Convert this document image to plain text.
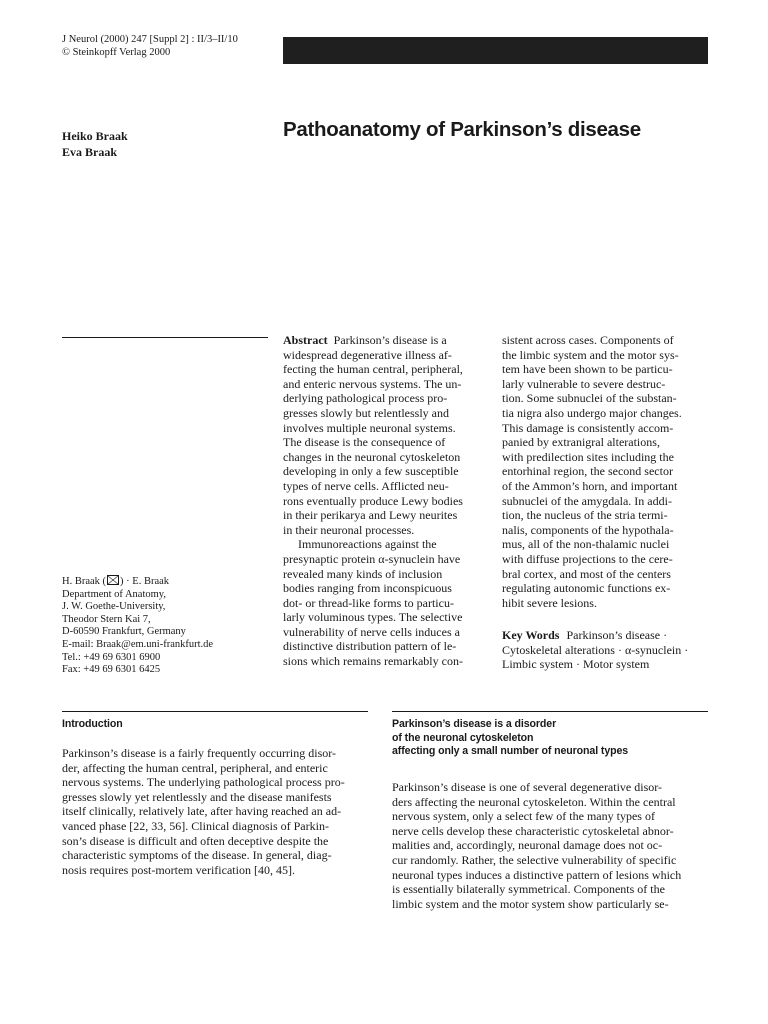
J Neurol (2000) 247 [Suppl 2] : II/3–II/10
© Steinkopff Verlag 2000
Heiko Braak
Eva Braak
Pathoanatomy of Parkinson’s disease
H. Braak ( ) · E. Braak
Department of Anatomy,
J. W. Goethe-University,
Theodor Stern Kai 7,
D-60590 Frankfurt, Germany
E-mail: Braak@em.uni-frankfurt.de
Tel.: +49 69 6301 6900
Fax: +49 69 6301 6425
Abstract Parkinson’s disease is a
widespread degenerative illness af-
fecting the human central, peripheral,
and enteric nervous systems. The un-
derlying pathological process pro-
gresses slowly but relentlessly and
involves multiple neuronal systems.
The disease is the consequence of
changes in the neuronal cytoskeleton
developing in only a few susceptible
types of nerve cells. Afflicted neu-
rons eventually produce Lewy bodies
in their perikarya and Lewy neurites
in their neuronal processes.
Immunoreactions against the
presynaptic protein α-synuclein have
revealed many kinds of inclusion
bodies ranging from inconspicuous
dot- or thread-like forms to particu-
larly voluminous types. The selective
vulnerability of nerve cells induces a
distinctive distribution pattern of le-
sions which remains remarkably con-
sistent across cases. Components of
the limbic system and the motor sys-
tem have been shown to be particu-
larly vulnerable to severe destruc-
tion. Some subnuclei of the substan-
tia nigra also undergo major changes.
This damage is consistently accom-
panied by extranigral alterations,
with predilection sites including the
entorhinal region, the second sector
of the Ammon’s horn, and important
subnuclei of the amygdala. In addi-
tion, the nucleus of the stria termi-
nalis, components of the hypothala-
mus, all of the non-thalamic nuclei
with diffuse projections to the cere-
bral cortex, and most of the centers
regulating autonomic functions ex-
hibit severe lesions.
Key Words Parkinson’s disease ·
Cytoskeletal alterations · α-synuclein ·
Limbic system · Motor system
Introduction
Parkinson’s disease is a fairly frequently occurring disor-
der, affecting the human central, peripheral, and enteric
nervous systems. The underlying pathological process pro-
gresses slowly yet relentlessly and the disease manifests
itself clinically, relatively late, after having reached an ad-
vanced phase [22, 33, 56]. Clinical diagnosis of Parkin-
son’s disease is difficult and often deceptive despite the
characteristic symptoms of the disease. In general, diag-
nosis requires post-mortem verification [40, 45].
Parkinson’s disease is a disorder
of the neuronal cytoskeleton
affecting only a small number of neuronal types
Parkinson’s disease is one of several degenerative disor-
ders affecting the neuronal cytoskeleton. Within the central
nervous system, only a select few of the many types of
nerve cells develop these characteristic cytoskeletal abnor-
malities and, accordingly, neuronal damage does not oc-
cur randomly. Rather, the selective vulnerability of specific
neuronal types induces a distinctive pattern of lesions which
is essentially bilaterally symmetrical. Components of the
limbic system and the motor system show particularly se-
